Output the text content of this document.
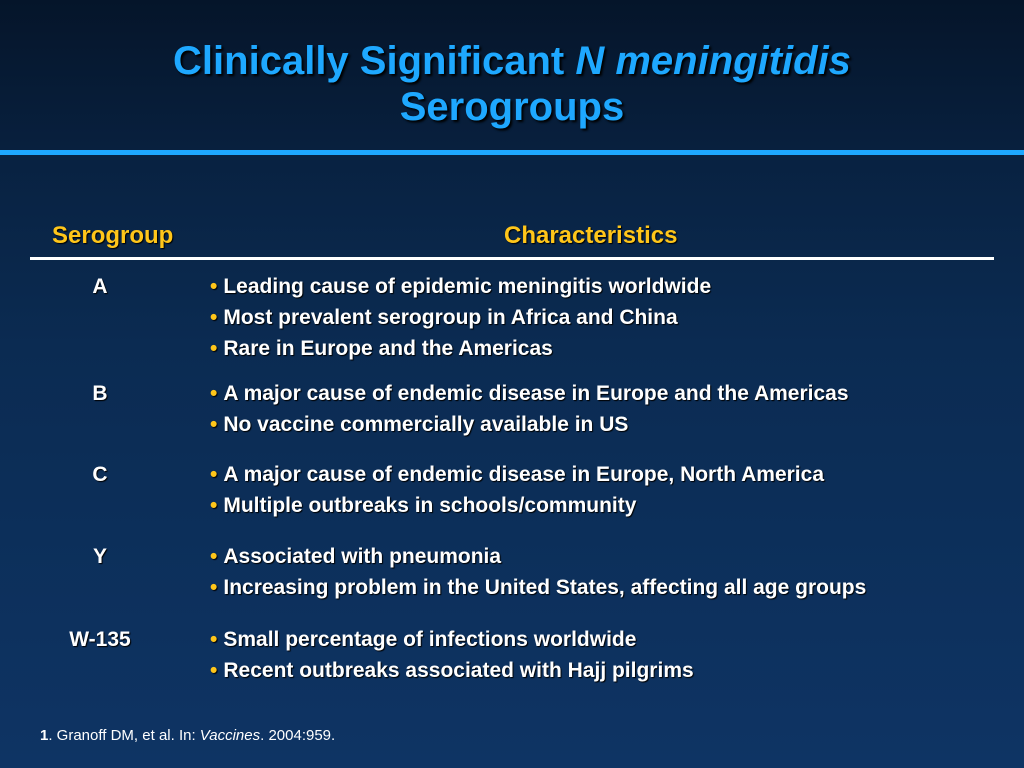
Clinically Significant N meningitidis
Serogroups
Serogroup	Characteristics
A	• Leading cause of epidemic meningitis worldwide
• Most prevalent serogroup in Africa and China
• Rare in Europe and the Americas
B	• A major cause of endemic disease in Europe and the Americas
• No vaccine commercially available in US
C	• A major cause of endemic disease in Europe, North America
• Multiple outbreaks in schools/community
Y	• Associated with pneumonia
• Increasing problem in the United States, affecting all age groups
W-135	• Small percentage of infections worldwide
• Recent outbreaks associated with Hajj pilgrims
1. Granoff DM, et al. In: Vaccines. 2004:959.
